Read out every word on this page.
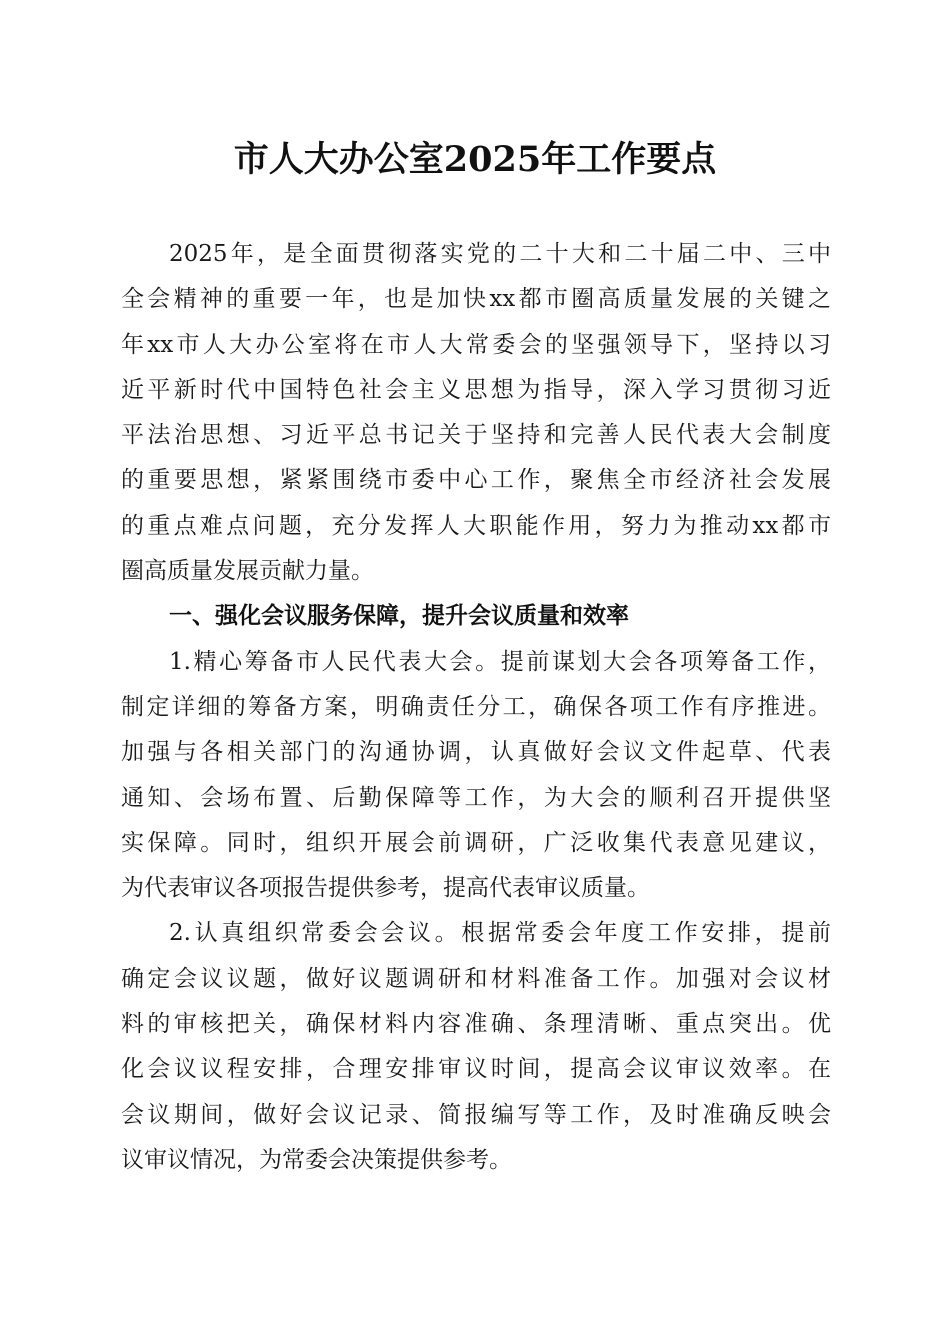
市人大办公室2025年工作要点
2025年，是全面贯彻落实党的二十大和二十届二中、三中
全会精神的重要一年，也是加快xx都市圈高质量发展的关键之
年xx市人大办公室将在市人大常委会的坚强领导下，坚持以习
近平新时代中国特色社会主义思想为指导，深入学习贯彻习近
平法治思想、习近平总书记关于坚持和完善人民代表大会制度
的重要思想，紧紧围绕市委中心工作，聚焦全市经济社会发展
的重点难点问题，充分发挥人大职能作用，努力为推动xx都市
圈高质量发展贡献力量。
一、强化会议服务保障，提升会议质量和效率
1.精心筹备市人民代表大会。提前谋划大会各项筹备工作，
制定详细的筹备方案，明确责任分工，确保各项工作有序推进。
加强与各相关部门的沟通协调，认真做好会议文件起草、代表
通知、会场布置、后勤保障等工作，为大会的顺利召开提供坚
实保障。同时，组织开展会前调研，广泛收集代表意见建议，
为代表审议各项报告提供参考，提高代表审议质量。
2.认真组织常委会会议。根据常委会年度工作安排，提前
确定会议议题，做好议题调研和材料准备工作。加强对会议材
料的审核把关，确保材料内容准确、条理清晰、重点突出。优
化会议议程安排，合理安排审议时间，提高会议审议效率。在
会议期间，做好会议记录、简报编写等工作，及时准确反映会
议审议情况，为常委会决策提供参考。
